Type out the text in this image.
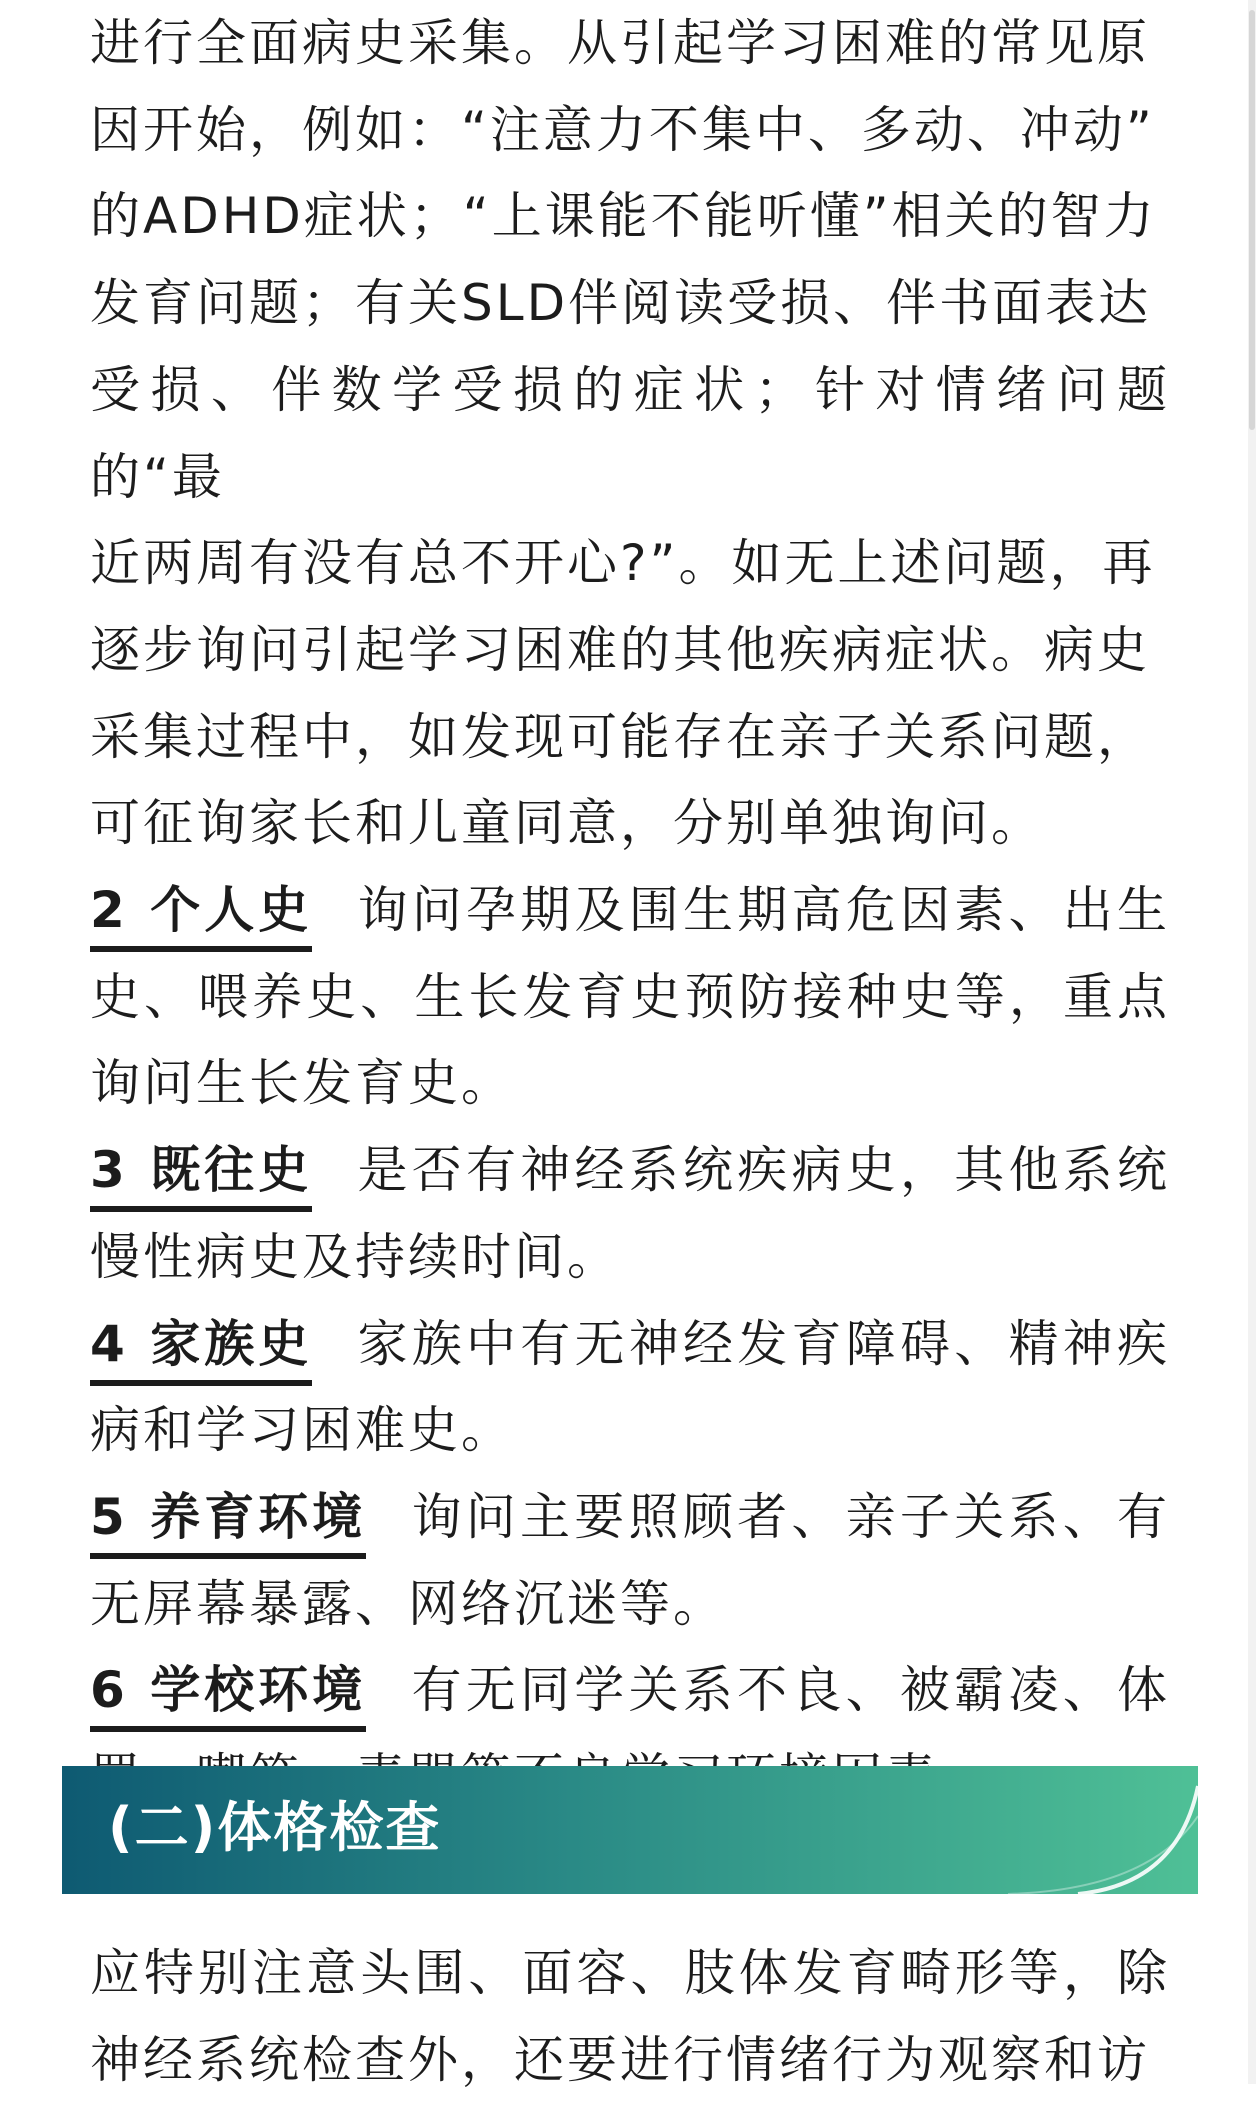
进行全面病史采集。从引起学习困难的常见原

因开始，例如：“注意力不集中、多动、冲动”

的ADHD症状；“上课能不能听懂”相关的智力

发育问题；有关SLD伴阅读受损、伴书面表达

受损、伴数学受损的症状；针对情绪问题的“最

近两周有没有总不开心?”。如无上述问题，再

逐步询问引起学习困难的其他疾病症状。病史

采集过程中，如发现可能存在亲子关系问题，

可征询家长和儿童同意，分别单独询问。

2 个人史 询问孕期及围生期高危因素、出生史、喂养史、生长发育史预防接种史等，重点询问生长发育史。

3 既往史 是否有神经系统疾病史，其他系统慢性病史及持续时间。

4 家族史 家族中有无神经发育障碍、精神疾病和学习困难史。

5 养育环境 询问主要照顾者、亲子关系、有无屏幕暴露、网络沉迷等。

6 学校环境 有无同学关系不良、被霸凌、体

(二)体格检查

应特别注意头围、面容、肢体发育畸形等，除神经系统检查外，还要进行情绪行为观察和访
